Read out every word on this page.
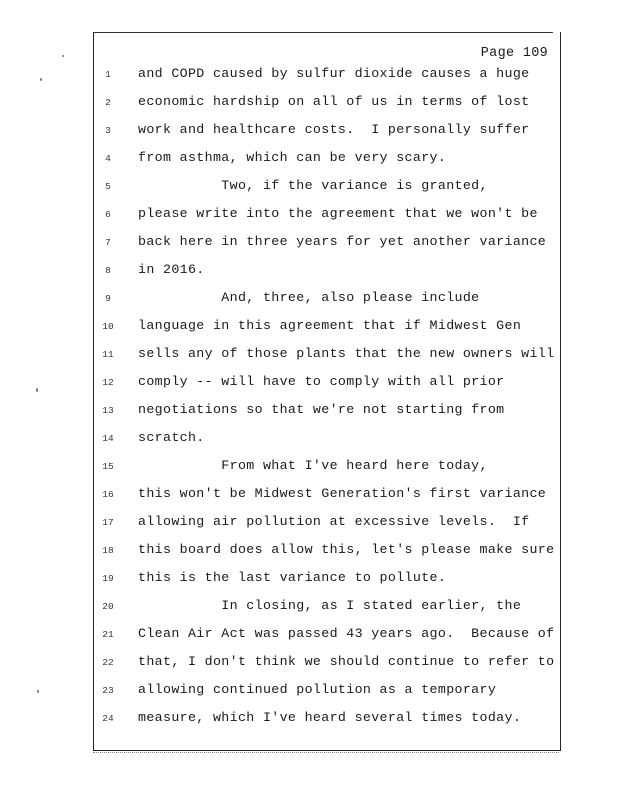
Page 109
1	and COPD caused by sulfur dioxide causes a huge
2	economic hardship on all of us in terms of lost
3	work and healthcare costs.  I personally suffer
4	from asthma, which can be very scary.
5	Two, if the variance is granted,
6	please write into the agreement that we won't be
7	back here in three years for yet another variance
8	in 2016.
9	And, three, also please include
10	language in this agreement that if Midwest Gen
11	sells any of those plants that the new owners will
12	comply -- will have to comply with all prior
13	negotiations so that we're not starting from
14	scratch.
15	From what I've heard here today,
16	this won't be Midwest Generation's first variance
17	allowing air pollution at excessive levels.  If
18	this board does allow this, let's please make sure
19	this is the last variance to pollute.
20	In closing, as I stated earlier, the
21	Clean Air Act was passed 43 years ago.  Because of
22	that, I don't think we should continue to refer to
23	allowing continued pollution as a temporary
24	measure, which I've heard several times today.
